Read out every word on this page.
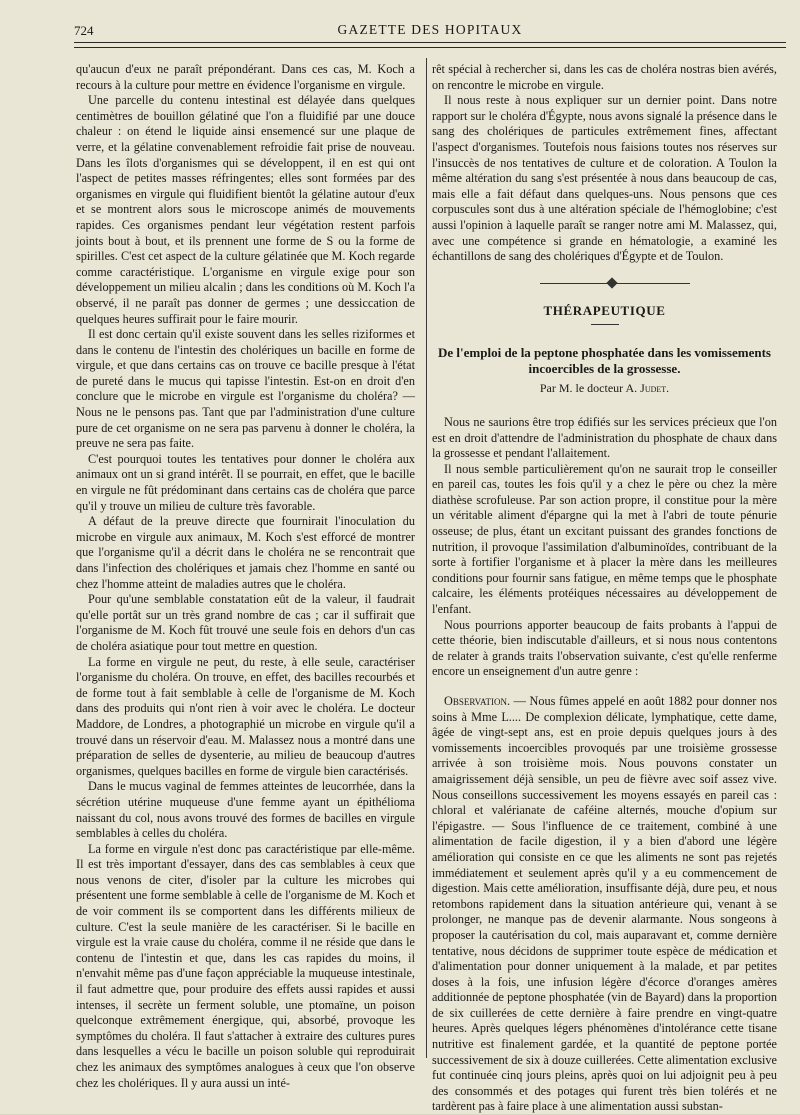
724	GAZETTE DES HOPITAUX

qu'aucun d'eux ne paraît prépondérant. Dans ces cas, M. Koch a recours à la culture pour mettre en évidence l'organisme en virgule.

Une parcelle du contenu intestinal est délayée dans quelques centimètres de bouillon gélatiné que l'on a fluidifié par une douce chaleur : on étend le liquide ainsi ensemencé sur une plaque de verre, et la gélatine convenablement refroidie fait prise de nouveau. Dans les îlots d'organismes qui se développent, il en est qui ont l'aspect de petites masses réfringentes; elles sont formées par des organismes en virgule qui fluidifient bientôt la gélatine autour d'eux et se montrent alors sous le microscope animés de mouvements rapides. Ces organismes pendant leur végétation restent parfois joints bout à bout, et ils prennent une forme de S ou la forme de spirilles. C'est cet aspect de la culture gélatinée que M. Koch regarde comme caractéristique. L'organisme en virgule exige pour son développement un milieu alcalin ; dans les conditions où M. Koch l'a observé, il ne paraît pas donner de germes ; une dessiccation de quelques heures suffirait pour le faire mourir.

Il est donc certain qu'il existe souvent dans les selles riziformes et dans le contenu de l'intestin des cholériques un bacille en forme de virgule, et que dans certains cas on trouve ce bacille presque à l'état de pureté dans le mucus qui tapisse l'intestin. Est-on en droit d'en conclure que le microbe en virgule est l'organisme du choléra? — Nous ne le pensons pas. Tant que par l'administration d'une culture pure de cet organisme on ne sera pas parvenu à donner le choléra, la preuve ne sera pas faite.

C'est pourquoi toutes les tentatives pour donner le choléra aux animaux ont un si grand intérêt. Il se pourrait, en effet, que le bacille en virgule ne fût prédominant dans certains cas de choléra que parce qu'il y trouve un milieu de culture très favorable.

A défaut de la preuve directe que fournirait l'inoculation du microbe en virgule aux animaux, M. Koch s'est efforcé de montrer que l'organisme qu'il a décrit dans le choléra ne se rencontrait que dans l'infection des cholériques et jamais chez l'homme en santé ou chez l'homme atteint de maladies autres que le choléra.

Pour qu'une semblable constatation eût de la valeur, il faudrait qu'elle portât sur un très grand nombre de cas ; car il suffirait que l'organisme de M. Koch fût trouvé une seule fois en dehors d'un cas de choléra asiatique pour tout mettre en question.

La forme en virgule ne peut, du reste, à elle seule, caractériser l'organisme du choléra. On trouve, en effet, des bacilles recourbés et de forme tout à fait semblable à celle de l'organisme de M. Koch dans des produits qui n'ont rien à voir avec le choléra. Le docteur Maddore, de Londres, a photographié un microbe en virgule qu'il a trouvé dans un réservoir d'eau. M. Malassez nous a montré dans une préparation de selles de dysenterie, au milieu de beaucoup d'autres organismes, quelques bacilles en forme de virgule bien caractérisés.

Dans le mucus vaginal de femmes atteintes de leucorrhée, dans la sécrétion utérine muqueuse d'une femme ayant un épithélioma naissant du col, nous avons trouvé des formes de bacilles en virgule semblables à celles du choléra.

La forme en virgule n'est donc pas caractéristique par elle-même. Il est très important d'essayer, dans des cas semblables à ceux que nous venons de citer, d'isoler par la culture les microbes qui présentent une forme semblable à celle de l'organisme de M. Koch et de voir comment ils se comportent dans les différents milieux de culture. C'est la seule manière de les caractériser. Si le bacille en virgule est la vraie cause du choléra, comme il ne réside que dans le contenu de l'intestin et que, dans les cas rapides du moins, il n'envahit même pas d'une façon appréciable la muqueuse intestinale, il faut admettre que, pour produire des effets aussi rapides et aussi intenses, il secrète un ferment soluble, une ptomaïne, un poison quelconque extrêmement énergique, qui, absorbé, provoque les symptômes du choléra. Il faut s'attacher à extraire des cultures pures dans lesquelles a vécu le bacille un poison soluble qui reproduirait chez les animaux des symptômes analogues à ceux que l'on observe chez les cholériques. Il y aura aussi un inté-

rêt spécial à rechercher si, dans les cas de choléra nostras bien avérés, on rencontre le microbe en virgule.

Il nous reste à nous expliquer sur un dernier point. Dans notre rapport sur le choléra d'Égypte, nous avons signalé la présence dans le sang des cholériques de particules extrêmement fines, affectant l'aspect d'organismes. Toutefois nous faisions toutes nos réserves sur l'insuccès de nos tentatives de culture et de coloration. A Toulon la même altération du sang s'est présentée à nous dans beaucoup de cas, mais elle a fait défaut dans quelques-uns. Nous pensons que ces corpuscules sont dus à une altération spéciale de l'hémoglobine; c'est aussi l'opinion à laquelle paraît se ranger notre ami M. Malassez, qui, avec une compétence si grande en hématologie, a examiné les échantillons de sang des cholériques d'Égypte et de Toulon.

THÉRAPEUTIQUE
De l'emploi de la peptone phosphatée dans les vomissements incoercibles de la grossesse.
Par M. le docteur A. Judet.

Nous ne saurions être trop édifiés sur les services précieux que l'on est en droit d'attendre de l'administration du phosphate de chaux dans la grossesse et pendant l'allaitement.

Il nous semble particulièrement qu'on ne saurait trop le conseiller en pareil cas, toutes les fois qu'il y a chez le père ou chez la mère diathèse scrofuleuse. Par son action propre, il constitue pour la mère un véritable aliment d'épargne qui la met à l'abri de toute pénurie osseuse; de plus, étant un excitant puissant des grandes fonctions de nutrition, il provoque l'assimilation d'albuminoïdes, contribuant de la sorte à fortifier l'organisme et à placer la mère dans les meilleures conditions pour fournir sans fatigue, en même temps que le phosphate calcaire, les éléments protéiques nécessaires au développement de l'enfant.

Nous pourrions apporter beaucoup de faits probants à l'appui de cette théorie, bien indiscutable d'ailleurs, et si nous nous contentons de relater à grands traits l'observation suivante, c'est qu'elle renferme encore un enseignement d'un autre genre :

Observation. — Nous fûmes appelé en août 1882 pour donner nos soins à Mme L.... De complexion délicate, lymphatique, cette dame, âgée de vingt-sept ans, est en proie depuis quelques jours à des vomissements incoercibles provoqués par une troisième grossesse arrivée à son troisième mois. Nous pouvons constater un amaigrissement déjà sensible, un peu de fièvre avec soif assez vive. Nous conseillons successivement les moyens essayés en pareil cas : chloral et valérianate de caféine alternés, mouche d'opium sur l'épigastre. — Sous l'influence de ce traitement, combiné à une alimentation de facile digestion, il y a bien d'abord une légère amélioration qui consiste en ce que les aliments ne sont pas rejetés immédiatement et seulement après qu'il y a eu commencement de digestion. Mais cette amélioration, insuffisante déjà, dure peu, et nous retombons rapidement dans la situation antérieure qui, venant à se prolonger, ne manque pas de devenir alarmante. Nous songeons à proposer la cautérisation du col, mais auparavant et, comme dernière tentative, nous décidons de supprimer toute espèce de médication et d'alimentation pour donner uniquement à la malade, et par petites doses à la fois, une infusion légère d'écorce d'oranges amères additionnée de peptone phosphatée (vin de Bayard) dans la proportion de six cuillerées de cette dernière à faire prendre en vingt-quatre heures. Après quelques légers phénomènes d'intolérance cette tisane nutritive est finalement gardée, et la quantité de peptone portée successivement de six à douze cuillerées. Cette alimentation exclusive fut continuée cinq jours pleins, après quoi on lui adjoignit peu à peu des consommés et des potages qui furent très bien tolérés et ne tardèrent pas à faire place à une alimentation aussi substan-
